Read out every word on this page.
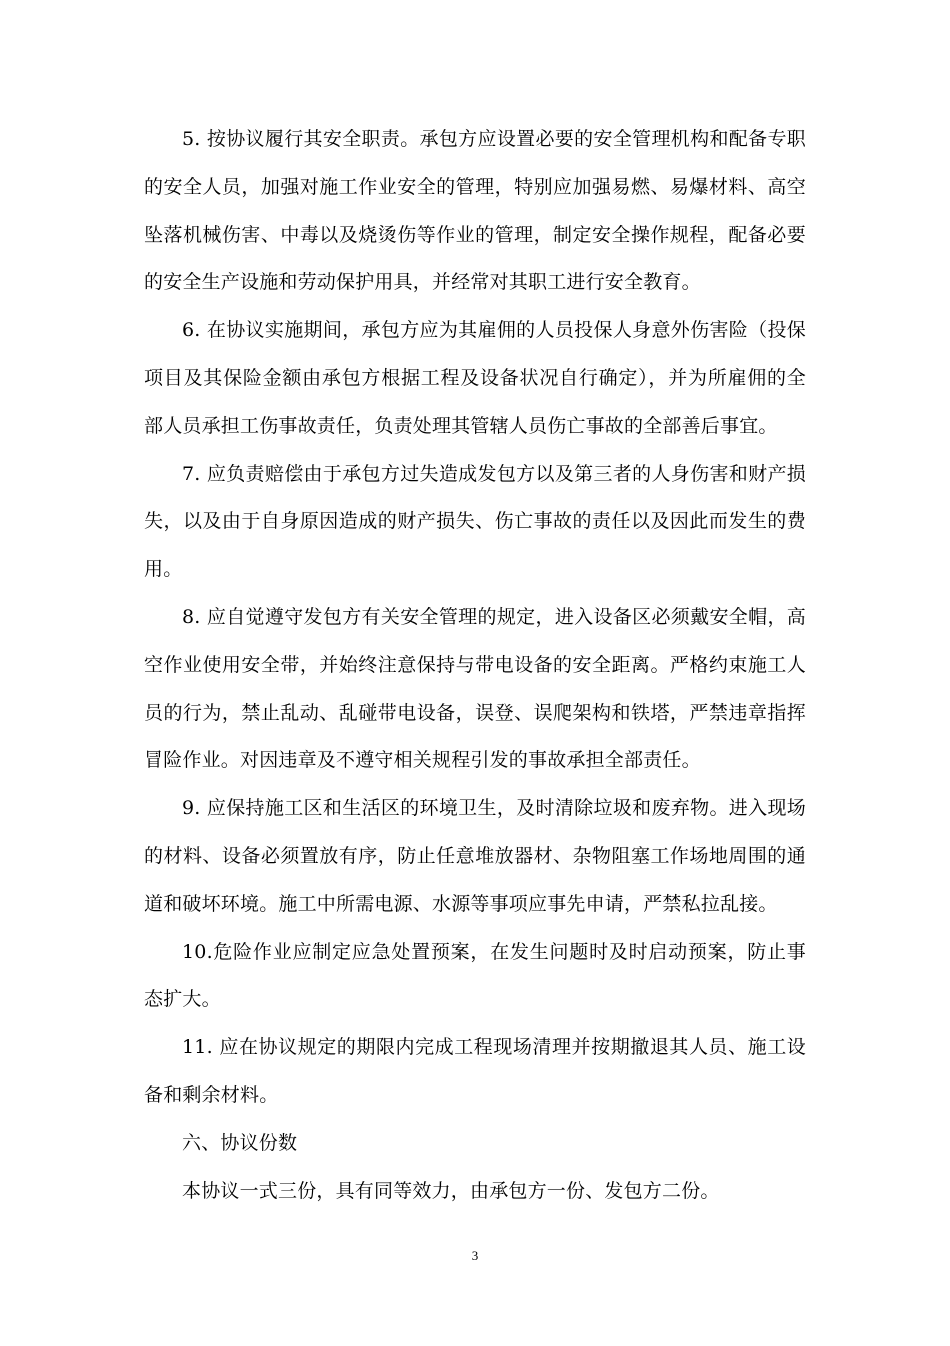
5. 按协议履行其安全职责。承包方应设置必要的安全管理机构和配备专职的安全人员，加强对施工作业安全的管理，特别应加强易燃、易爆材料、高空坠落机械伤害、中毒以及烧烫伤等作业的管理，制定安全操作规程，配备必要的安全生产设施和劳动保护用具，并经常对其职工进行安全教育。

6. 在协议实施期间，承包方应为其雇佣的人员投保人身意外伤害险（投保项目及其保险金额由承包方根据工程及设备状况自行确定），并为所雇佣的全部人员承担工伤事故责任，负责处理其管辖人员伤亡事故的全部善后事宜。

7. 应负责赔偿由于承包方过失造成发包方以及第三者的人身伤害和财产损失，以及由于自身原因造成的财产损失、伤亡事故的责任以及因此而发生的费用。

8. 应自觉遵守发包方有关安全管理的规定，进入设备区必须戴安全帽，高空作业使用安全带，并始终注意保持与带电设备的安全距离。严格约束施工人员的行为，禁止乱动、乱碰带电设备，误登、误爬架构和铁塔，严禁违章指挥冒险作业。对因违章及不遵守相关规程引发的事故承担全部责任。

9. 应保持施工区和生活区的环境卫生，及时清除垃圾和废弃物。进入现场的材料、设备必须置放有序，防止任意堆放器材、杂物阻塞工作场地周围的通道和破坏环境。施工中所需电源、水源等事项应事先申请，严禁私拉乱接。

10.危险作业应制定应急处置预案，在发生问题时及时启动预案，防止事态扩大。

11. 应在协议规定的期限内完成工程现场清理并按期撤退其人员、施工设备和剩余材料。

六、协议份数

本协议一式三份，具有同等效力，由承包方一份、发包方二份。

3
